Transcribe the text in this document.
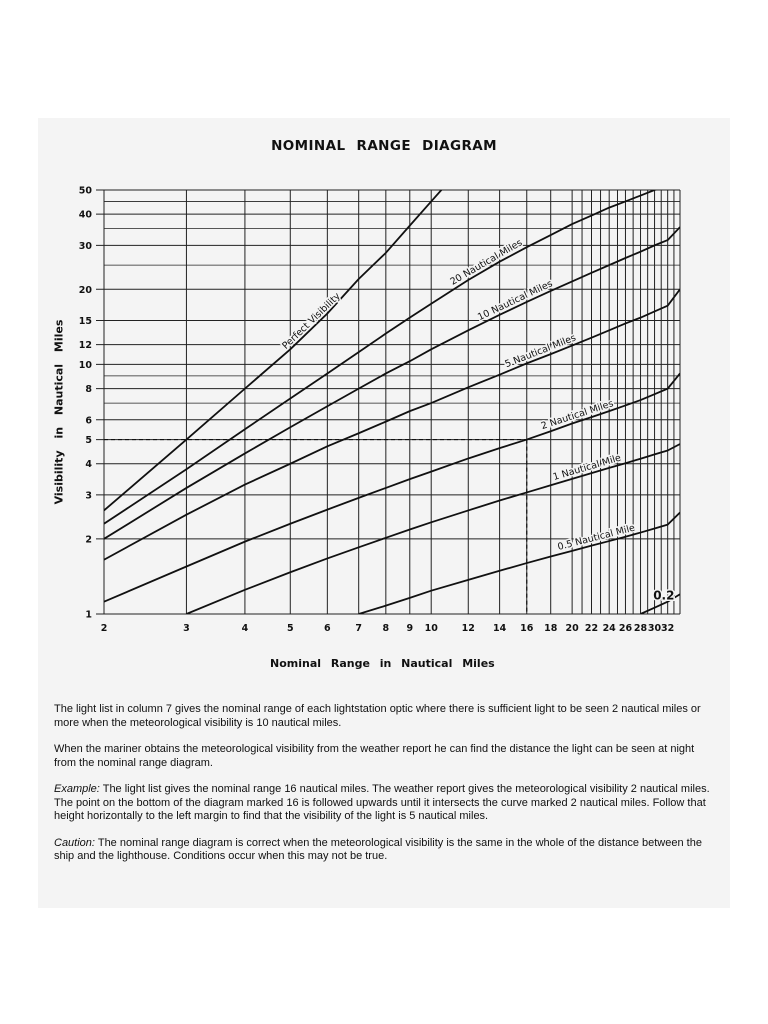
NOMINAL RANGE DIAGRAM
2	3	4	5	6	7 8 9 10	12 14 16 18 20 22 24 26 28 30 32
1
2
3
4
5
6
8
10
12
15
20
30
40
50
Perfect Visibility
20 Nautical Miles
10 Nautical Miles
5 Nautical Miles
2 Nautical Miles
1 Nautical Mile
0.5 Nautical Mile
0.2
Visibility in Nautical Miles
Nominal Range in Nautical Miles

The light list in column 7 gives the nominal range of each lightstation optic where there is sufficient light to be seen 2 nautical miles or more when the meteorological visibility is 10 nautical miles.

When the mariner obtains the meteorological visibility from the weather report he can find the distance the light can be seen at night from the nominal range diagram.

Example: The light list gives the nominal range 16 nautical miles. The weather report gives the meteorological visibility 2 nautical miles. The point on the bottom of the diagram marked 16 is followed upwards until it intersects the curve marked 2 nautical miles. Follow that height horizontally to the left margin to find that the visibility of the light is 5 nautical miles.

Caution: The nominal range diagram is correct when the meteorological visibility is the same in the whole of the distance between the ship and the lighthouse. Conditions occur when this may not be true.
